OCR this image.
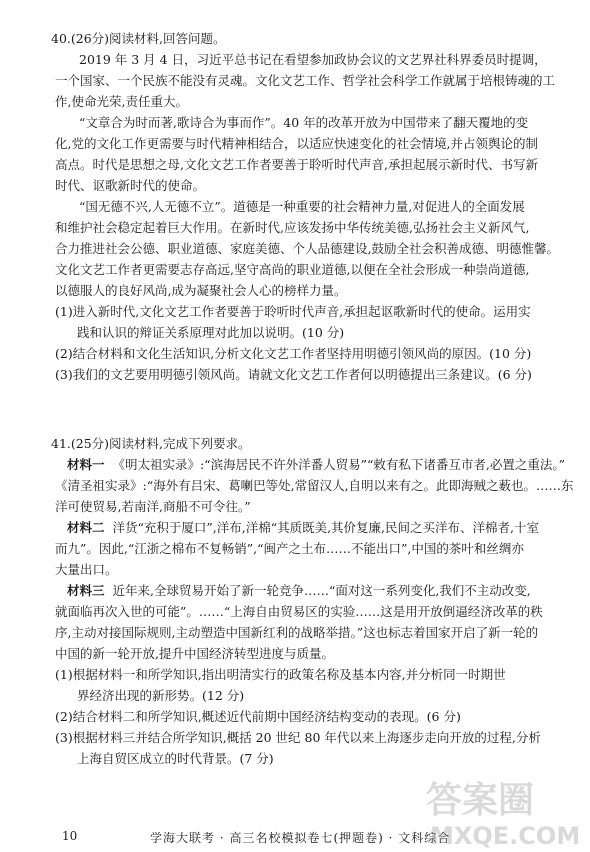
40.(26分)阅读材料,回答问题。
2019 年 3 月 4 日，习近平总书记在看望参加政协会议的文艺界社科界委员时提调，
一个国家、一个民族不能没有灵魂。文化文艺工作、哲学社会科学工作就属于培根铸魂的工
作,使命光荣,责任重大。
“文章合为时而著,歌诗合为事而作”。40 年的改革开放为中国带来了翻天覆地的变
化,党的文化工作更需要与时代精神相结合，以适应快速变化的社会情境,并占领舆论的制
高点。时代是思想之母,文化文艺工作者要善于聆听时代声音,承担起展示新时代、书写新
时代、讴歌新时代的使命。
“国无德不兴,人无德不立”。道德是一种重要的社会精神力量,对促进人的全面发展
和维护社会稳定起着巨大作用。在新时代,应该发扬中华传统美德,弘扬社会主义新风气,
合力推进社会公德、职业道德、家庭美德、个人品德建设,鼓励全社会积善成德、明德惟馨。
文化文艺工作者更需要志存高远,坚守高尚的职业道德,以便在全社会形成一种崇尚道德,
以德服人的良好风尚,成为凝聚社会人心的榜样力量。
(1)进入新时代,文化文艺工作者要善于聆听时代声音,承担起讴歌新时代的使命。运用实
践和认识的辩证关系原理对此加以说明。(10 分)
(2)结合材料和文化生活知识,分析文化文艺工作者坚持用明德引领风尚的原因。(10 分)
(3)我们的文艺要用明德引领风尚。请就文化文艺工作者何以明德提出三条建议。(6 分)
41.(25分)阅读材料,完成下列要求。
材料一 《明太祖实录》:“滨海居民不许外洋番人贸易”“敕有私下诸番互市者,必置之重法。”
《清圣祖实录》:“海外有吕宋、葛喇巴等处,常留汉人,自明以来有之。此即海贼之薮也。……东
洋可使贸易,若南洋,商船不可令往。”
材料二 洋货“充积于厦口”,洋布,洋棉“其质既美,其价复廉,民间之买洋布、洋棉者,十室
而九”。因此,“江浙之棉布不复畅销”,“闽产之土布……不能出口”,中国的茶叶和丝绸亦
大量出口。
材料三 近年来,全球贸易开始了新一轮竞争……“面对这一系列变化,我们不主动改变,
就面临再次入世的可能”。……“上海自由贸易区的实验……这是用开放倒逼经济改革的秩
序,主动对接国际规则,主动塑造中国新红利的战略举措。”这也标志着国家开启了新一轮的
中国的新一轮开放,提升中国经济转型进度与质量。
(1)根据材料一和所学知识,指出明清实行的政策名称及基本内容,并分析同一时期世
界经济出现的新形势。(12 分)
(2)结合材料二和所学知识,概述近代前期中国经济结构变动的表现。(6 分)
(3)根据材料三并结合所学知识,概括 20 世纪 80 年代以来上海逐步走向开放的过程,分析
上海自贸区成立的时代背景。(7 分)
10	学海大联考 · 高三名校模拟卷七(押题卷) · 文科综合
答案圈
MXQE.COM
